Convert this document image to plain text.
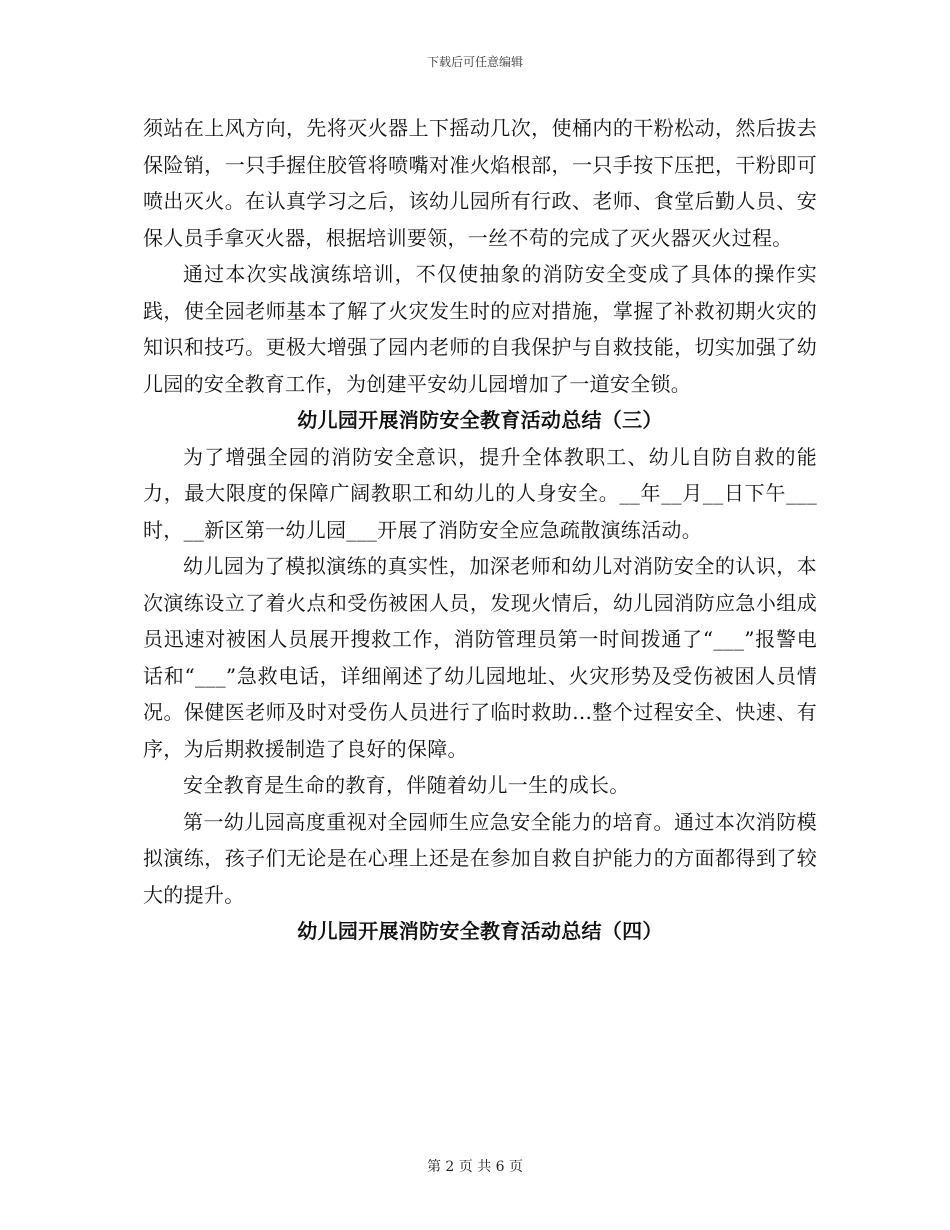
下载后可任意编辑

须站在上风方向，先将灭火器上下摇动几次，使桶内的干粉松动，然后拔去保险销，一只手握住胶管将喷嘴对准火焰根部，一只手按下压把，干粉即可喷出灭火。在认真学习之后，该幼儿园所有行政、老师、食堂后勤人员、安保人员手拿灭火器，根据培训要领，一丝不苟的完成了灭火器灭火过程。

通过本次实战演练培训，不仅使抽象的消防安全变成了具体的操作实践，使全园老师基本了解了火灾发生时的应对措施，掌握了补救初期火灾的知识和技巧。更极大增强了园内老师的自我保护与自救技能，切实加强了幼儿园的安全教育工作，为创建平安幼儿园增加了一道安全锁。

幼儿园开展消防安全教育活动总结（三）

为了增强全园的消防安全意识，提升全体教职工、幼儿自防自救的能力，最大限度的保障广阔教职工和幼儿的人身安全。__年__月__日下午___时，__新区第一幼儿园___开展了消防安全应急疏散演练活动。

幼儿园为了模拟演练的真实性，加深老师和幼儿对消防安全的认识，本次演练设立了着火点和受伤被困人员，发现火情后，幼儿园消防应急小组成员迅速对被困人员展开搜救工作，消防管理员第一时间拨通了“___”报警电话和“___”急救电话，详细阐述了幼儿园地址、火灾形势及受伤被困人员情况。保健医老师及时对受伤人员进行了临时救助...整个过程安全、快速、有序，为后期救援制造了良好的保障。

安全教育是生命的教育，伴随着幼儿一生的成长。

第一幼儿园高度重视对全园师生应急安全能力的培育。通过本次消防模拟演练，孩子们无论是在心理上还是在参加自救自护能力的方面都得到了较大的提升。

幼儿园开展消防安全教育活动总结（四）
第 2 页 共 6 页
